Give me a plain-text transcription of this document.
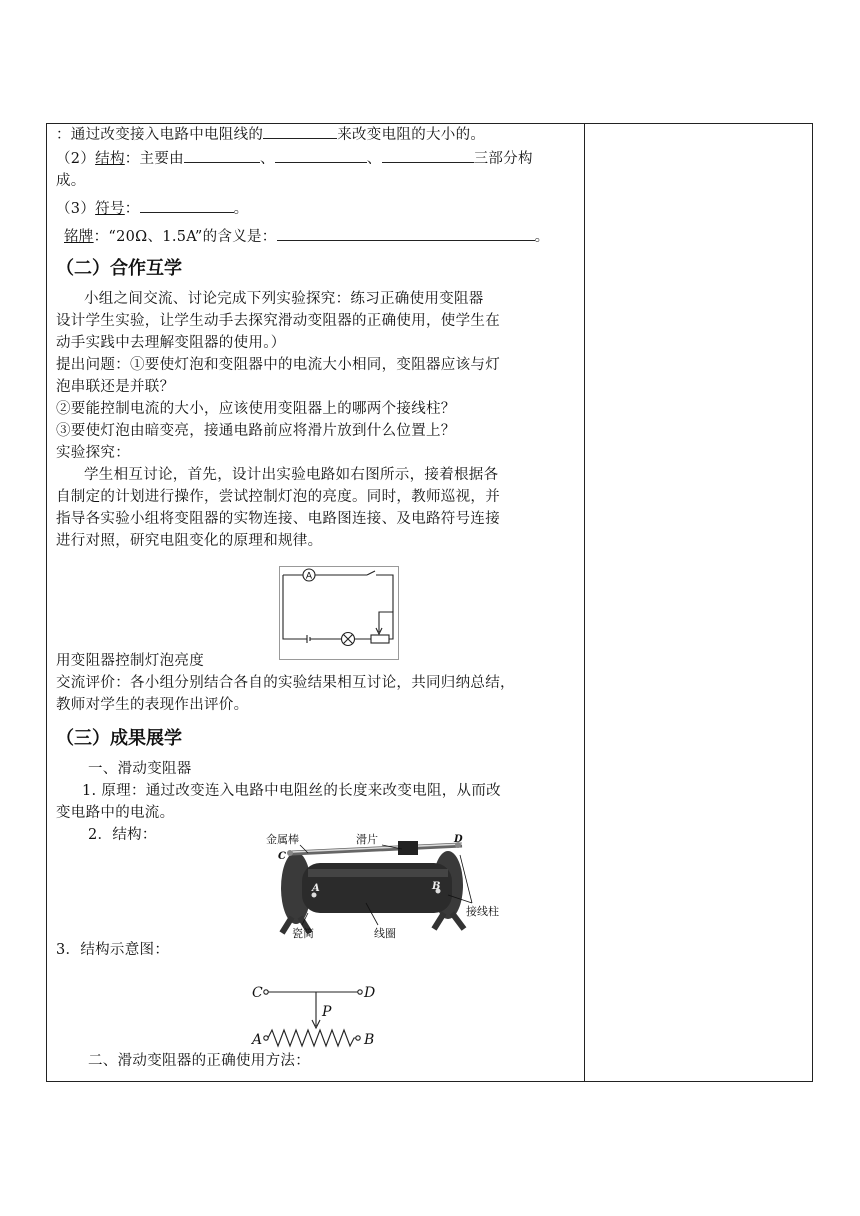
：通过改变接入电路中电阻线的	来改变电阻的大小的。
（2）结构：主要由	、	、	三部分构
成。
（3）符号：	。
铭牌：“20Ω、1.5A”的含义是：	。
（二）合作互学
小组之间交流、讨论完成下列实验探究：练习正确使用变阻器
设计学生实验，让学生动手去探究滑动变阻器的正确使用，使学生在
动手实践中去理解变阻器的使用。）
提出问题：①要使灯泡和变阻器中的电流大小相同，变阻器应该与灯
泡串联还是并联？
②要能控制电流的大小，应该使用变阻器上的哪两个接线柱？
③要使灯泡由暗变亮，接通电路前应将滑片放到什么位置上？
实验探究：
学生相互讨论，首先，设计出实验电路如右图所示，接着根据各
自制定的计划进行操作，尝试控制灯泡的亮度。同时，教师巡视，并
指导各实验小组将变阻器的实物连接、电路图连接、及电路符号连接
进行对照，研究电阻变化的原理和规律。
用变阻器控制灯泡亮度
交流评价：各小组分别结合各自的实验结果相互讨论，共同归纳总结，
教师对学生的表现作出评价。
（三）成果展学
一、滑动变阻器
1. 原理：通过改变连入电路中电阻丝的长度来改变电阻，从而改
变电路中的电流。
2．结构：
3．结构示意图：
二、滑动变阻器的正确使用方法：
A
金属棒	滑片
接线柱
瓷筒	线圈
C
D
A	B
C	D
P
A	B
